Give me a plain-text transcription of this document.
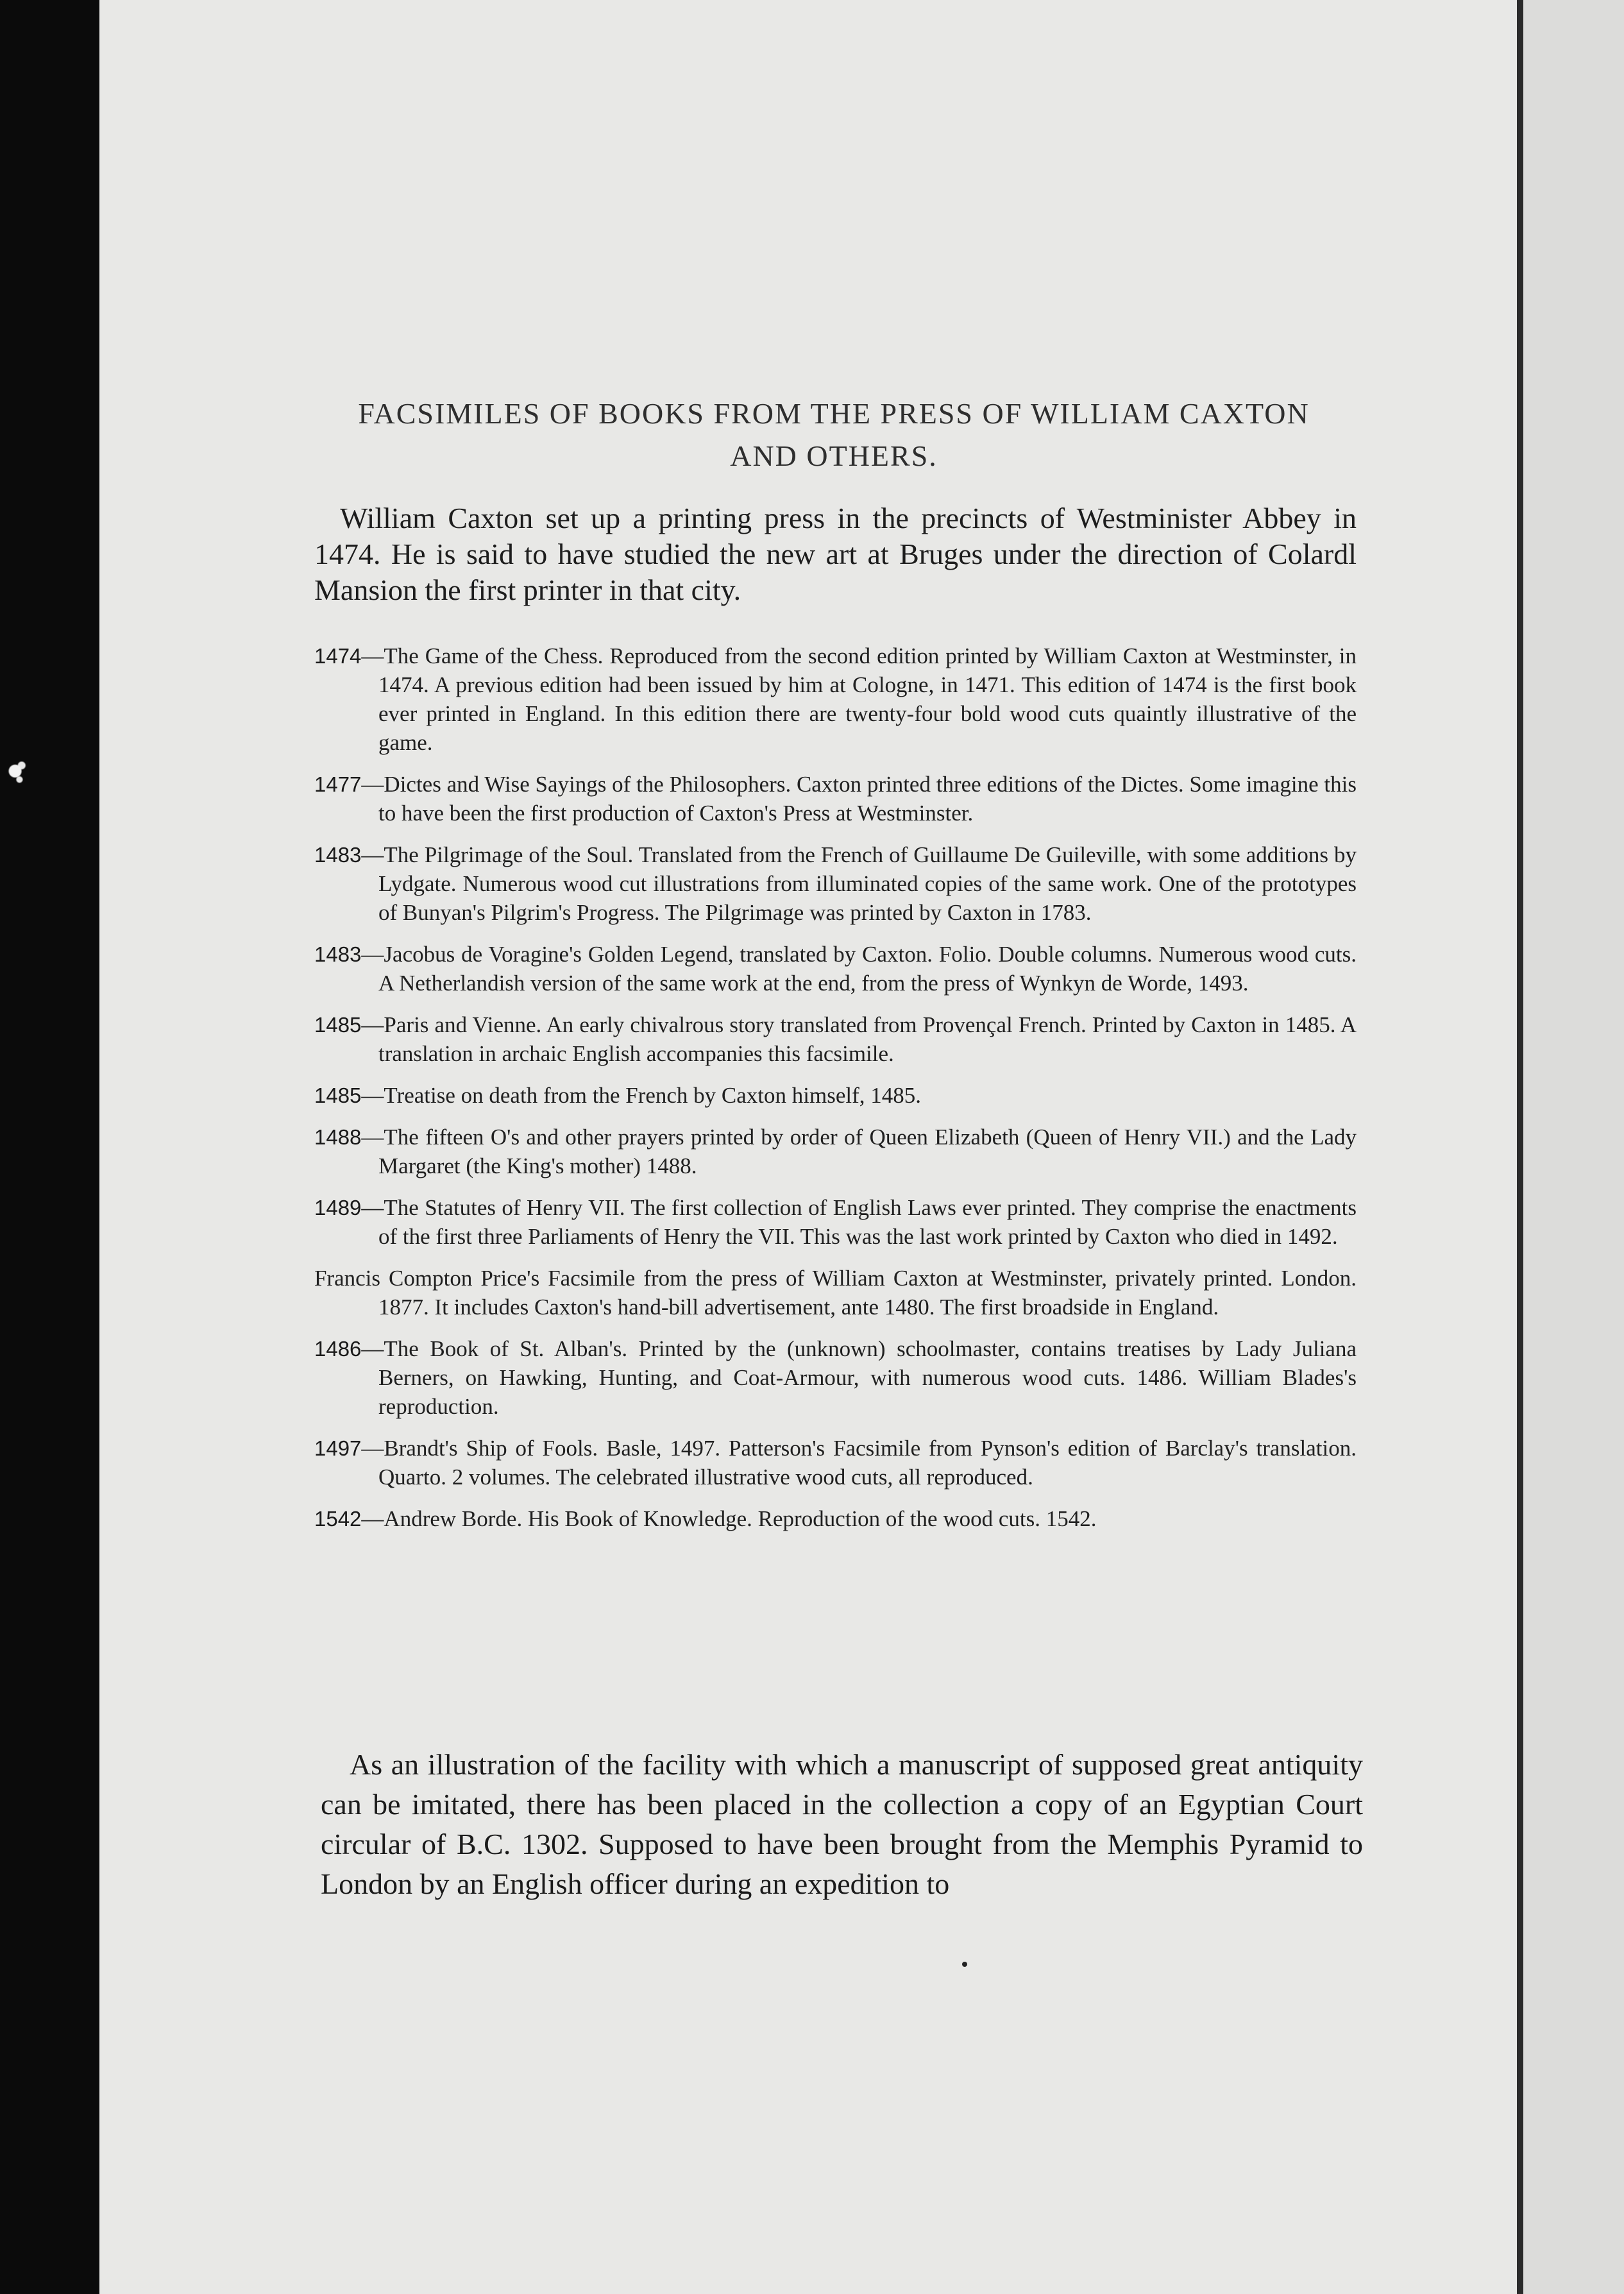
FACSIMILES OF BOOKS FROM THE PRESS OF WILLIAM CAXTON
AND OTHERS.

William Caxton set up a printing press in the precincts of Westminister Abbey in 1474. He is said to have studied the new art at Bruges under the direction of Colardl Mansion the first printer in that city.

1474—The Game of the Chess. Reproduced from the second edition printed by William Caxton at Westminster, in 1474. A previous edition had been issued by him at Cologne, in 1471. This edition of 1474 is the first book ever printed in England. In this edition there are twenty-four bold wood cuts quaintly illustrative of the game.

1477—Dictes and Wise Sayings of the Philosophers. Caxton printed three editions of the Dictes. Some imagine this to have been the first production of Caxton's Press at Westminster.

1483—The Pilgrimage of the Soul. Translated from the French of Guillaume De Guileville, with some additions by Lydgate. Numerous wood cut illustrations from illuminated copies of the same work. One of the prototypes of Bunyan's Pilgrim's Progress. The Pilgrimage was printed by Caxton in 1783.

1483—Jacobus de Voragine's Golden Legend, translated by Caxton. Folio. Double columns. Numerous wood cuts. A Netherlandish version of the same work at the end, from the press of Wynkyn de Worde, 1493.

1485—Paris and Vienne. An early chivalrous story translated from Provençal French. Printed by Caxton in 1485. A translation in archaic English accompanies this facsimile.

1485—Treatise on death from the French by Caxton himself, 1485.

1488—The fifteen O's and other prayers printed by order of Queen Elizabeth (Queen of Henry VII.) and the Lady Margaret (the King's mother) 1488.

1489—The Statutes of Henry VII. The first collection of English Laws ever printed. They comprise the enactments of the first three Parliaments of Henry the VII. This was the last work printed by Caxton who died in 1492.

Francis Compton Price's Facsimile from the press of William Caxton at Westminster, privately printed. London. 1877. It includes Caxton's hand-bill advertisement, ante 1480. The first broadside in England.

1486—The Book of St. Alban's. Printed by the (unknown) schoolmaster, contains treatises by Lady Juliana Berners, on Hawking, Hunting, and Coat-Armour, with numerous wood cuts. 1486. William Blades's reproduction.

1497—Brandt's Ship of Fools. Basle, 1497. Patterson's Facsimile from Pynson's edition of Barclay's translation. Quarto. 2 volumes. The celebrated illustrative wood cuts, all reproduced.

1542—Andrew Borde. His Book of Knowledge. Reproduction of the wood cuts. 1542.

As an illustration of the facility with which a manuscript of supposed great antiquity can be imitated, there has been placed in the collection a copy of an Egyptian Court circular of B.C. 1302. Supposed to have been brought from the Memphis Pyramid to London by an English officer during an expedition to
